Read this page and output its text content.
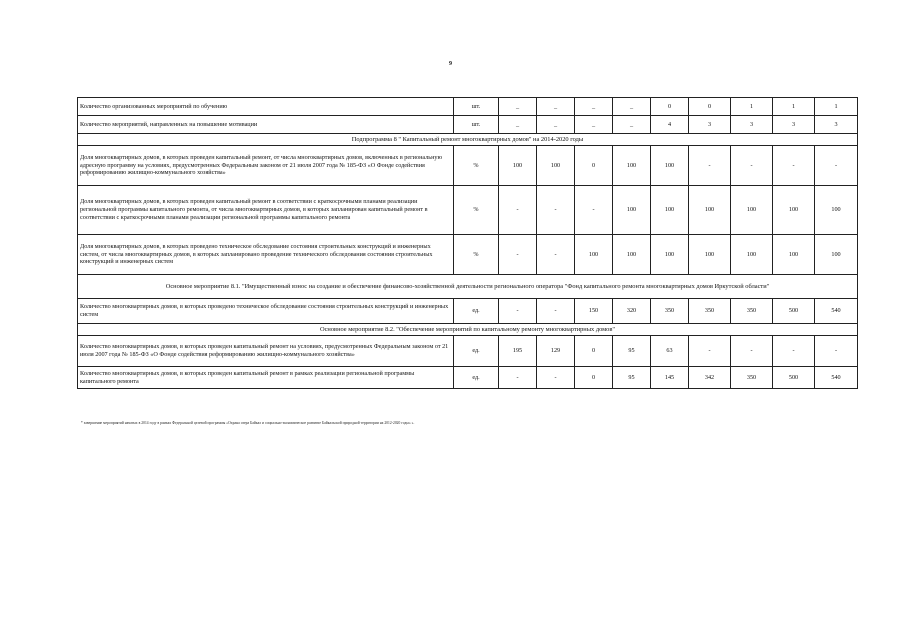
9
Количество организованных мероприятий по обучению	шт.	_	_	_	_	0	0	1	1	1
Количество мероприятий, направленных на повышение мотивации	шт.	_	_	_	_	4	3	3	3	3
Подпрограмма 8 " Капитальный ремонт многоквартирных домов" на 2014-2020 годы										
Доля многоквартирных домов, в которых проведен капитальный ремонт, от числа многоквартирных домов, включенных в региональную адресную программу на условиях, предусмотренных Федеральным законом от 21 июля 2007 года № 185-ФЗ «О Фонде содействия реформированию жилищно-коммунального хозяйства»	%	100	100	0	100	100	-	-	-	-
Доля многоквартирных домов, в которых проведен капитальный ремонт в соответствии с краткосрочными планами реализации региональной программы капитального ремонта, от числа многоквартирных домов, в которых запланирован капитальный ремонт в соответствии с краткосрочными планами реализации региональной программы капитального ремонта	%	-	-	-	100	100	100	100	100	100
Доля многоквартирных домов, в которых проведено техническое обследование состояния строительных конструкций и инженерных систем, от числа многоквартирных домов, в которых запланировано проведение технического обследования состояния строительных конструкций и инженерных систем	%	-	-	100	100	100	100	100	100	100
Основное мероприятие 8.1. "Имущественный взнос на создание и обеспечение финансово-хозяйственной деятельности регионального оператора "Фонд капитального ремонта многоквартирных домов Иркутской области"										
Количество многоквартирных домов, в которых проведено техническое обследование состояния строительных конструкций и инженерных систем	ед.	-	-	150	320	350	350	350	500	540
Основное мероприятие 8.2. "Обеспечение мероприятий по капитальному ремонту многоквартирных домов"										
Количество многоквартирных домов, в которых проведен капитальный ремонт на условиях, предусмотренных Федеральным законом от 21 июля 2007 года № 185-ФЗ «О Фонде содействия реформированию жилищно-коммунального хозяйства»	ед.	195	129	0	95	63	-	-	-	-
Количество многоквартирных домов, в которых проведен капитальный ремонт в рамках реализации региональной программы капитального ремонта	ед.	-	-	0	95	145	342	350	500	540
* завершение мероприятий начатых в 2014 году в рамках Федеральной целевой программы «Охрана озера Байкал и социально-экономическое развитие Байкальской природной территории на 2012-2020 годы» ».
